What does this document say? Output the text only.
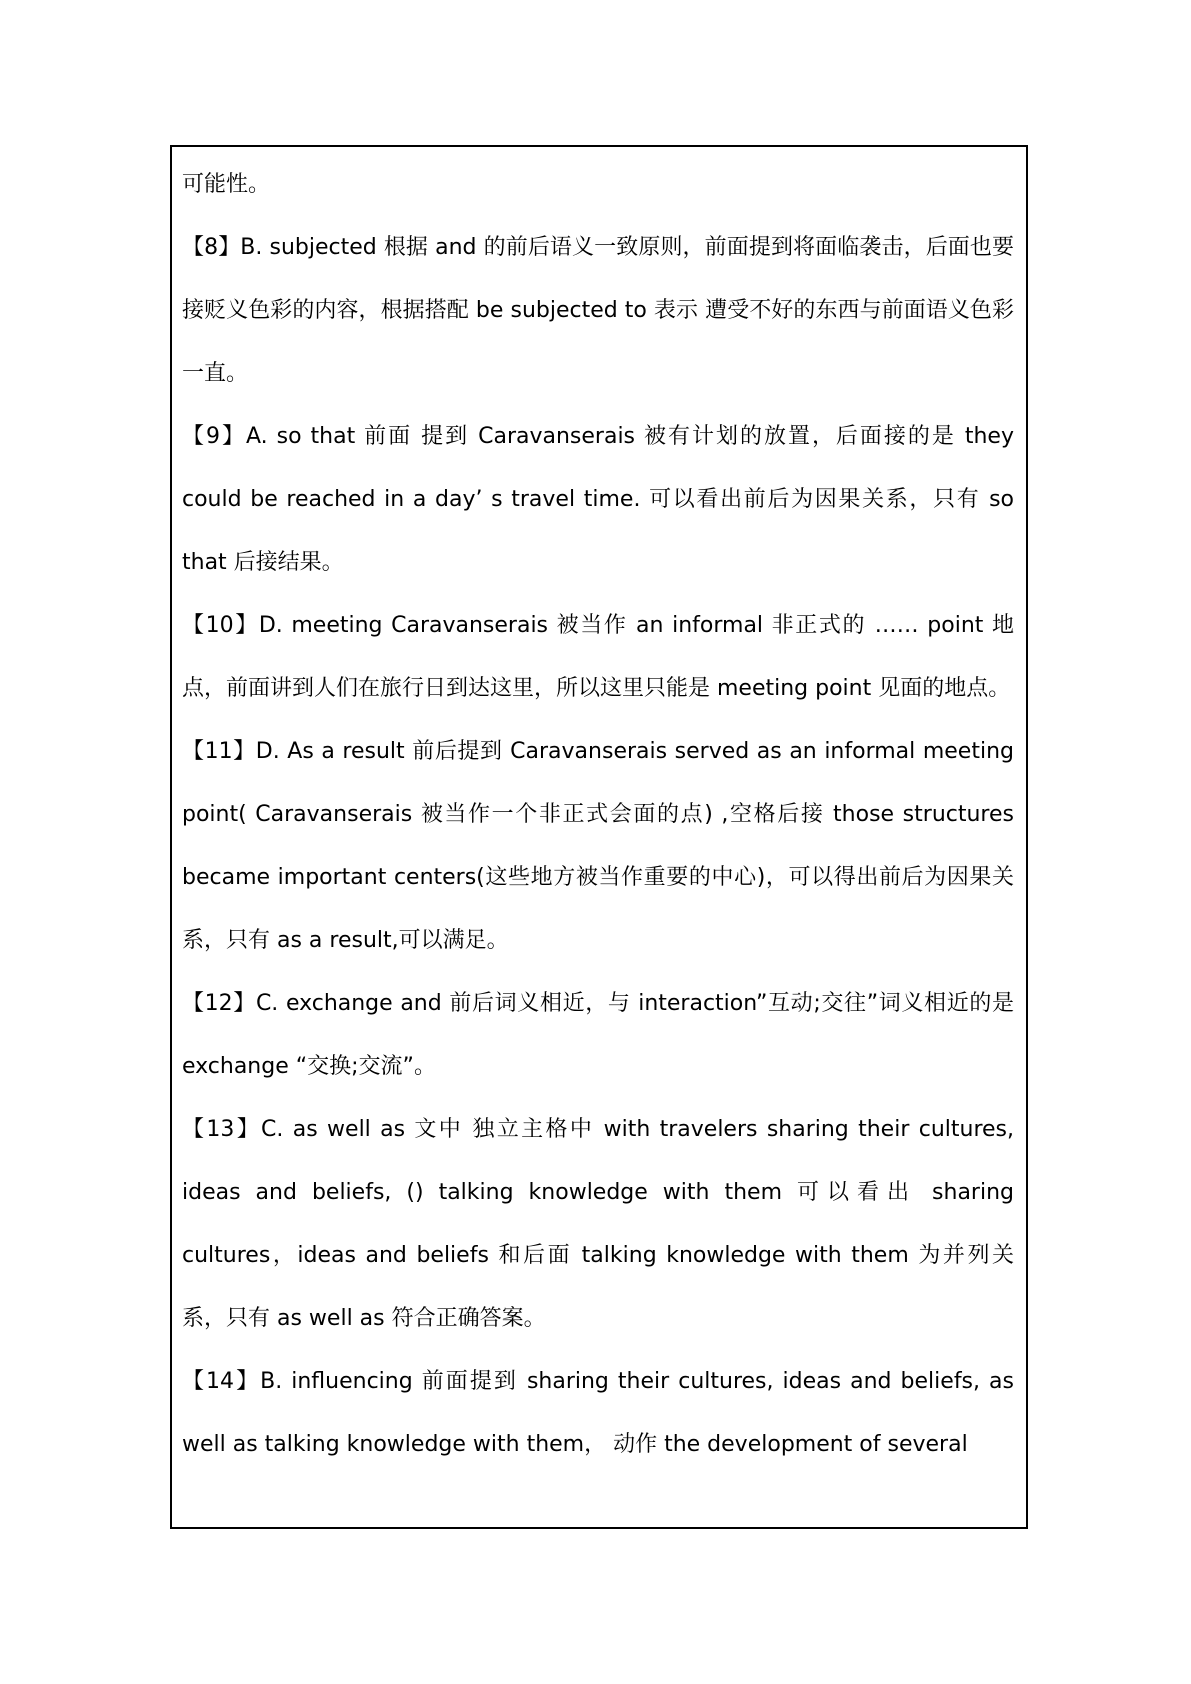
可能性。

【8】B. subjected 根据 and 的前后语义一致原则，前面提到将面临袭击，后面也要接贬义色彩的内容，根据搭配 be subjected to 表示 遭受不好的东西与前面语义色彩一直。

【9】A. so that 前面 提到 Caravanserais 被有计划的放置，后面接的是 they could be reached in a day’ s travel time. 可以看出前后为因果关系，只有 so that 后接结果。

【10】D. meeting Caravanserais 被当作 an informal 非正式的 …… point 地点，前面讲到人们在旅行日到达这里，所以这里只能是 meeting point 见面的地点。

【11】D. As a result 前后提到 Caravanserais served as an informal meeting point( Caravanserais 被当作一个非正式会面的点) ,空格后接 those structures became important centers(这些地方被当作重要的中心)，可以得出前后为因果关系，只有 as a result,可以满足。

【12】C. exchange and 前后词义相近，与 interaction”互动;交往”词义相近的是 exchange “交换;交流”。

【13】C. as well as 文中 独立主格中 with travelers sharing their cultures, ideas and beliefs, () talking knowledge with them 可以看出 sharing cultures，ideas and beliefs 和后面 talking knowledge with them 为并列关系，只有 as well as 符合正确答案。

【14】B. influencing 前面提到 sharing their cultures, ideas and beliefs, as well as talking knowledge with them， 动作 the development of several
